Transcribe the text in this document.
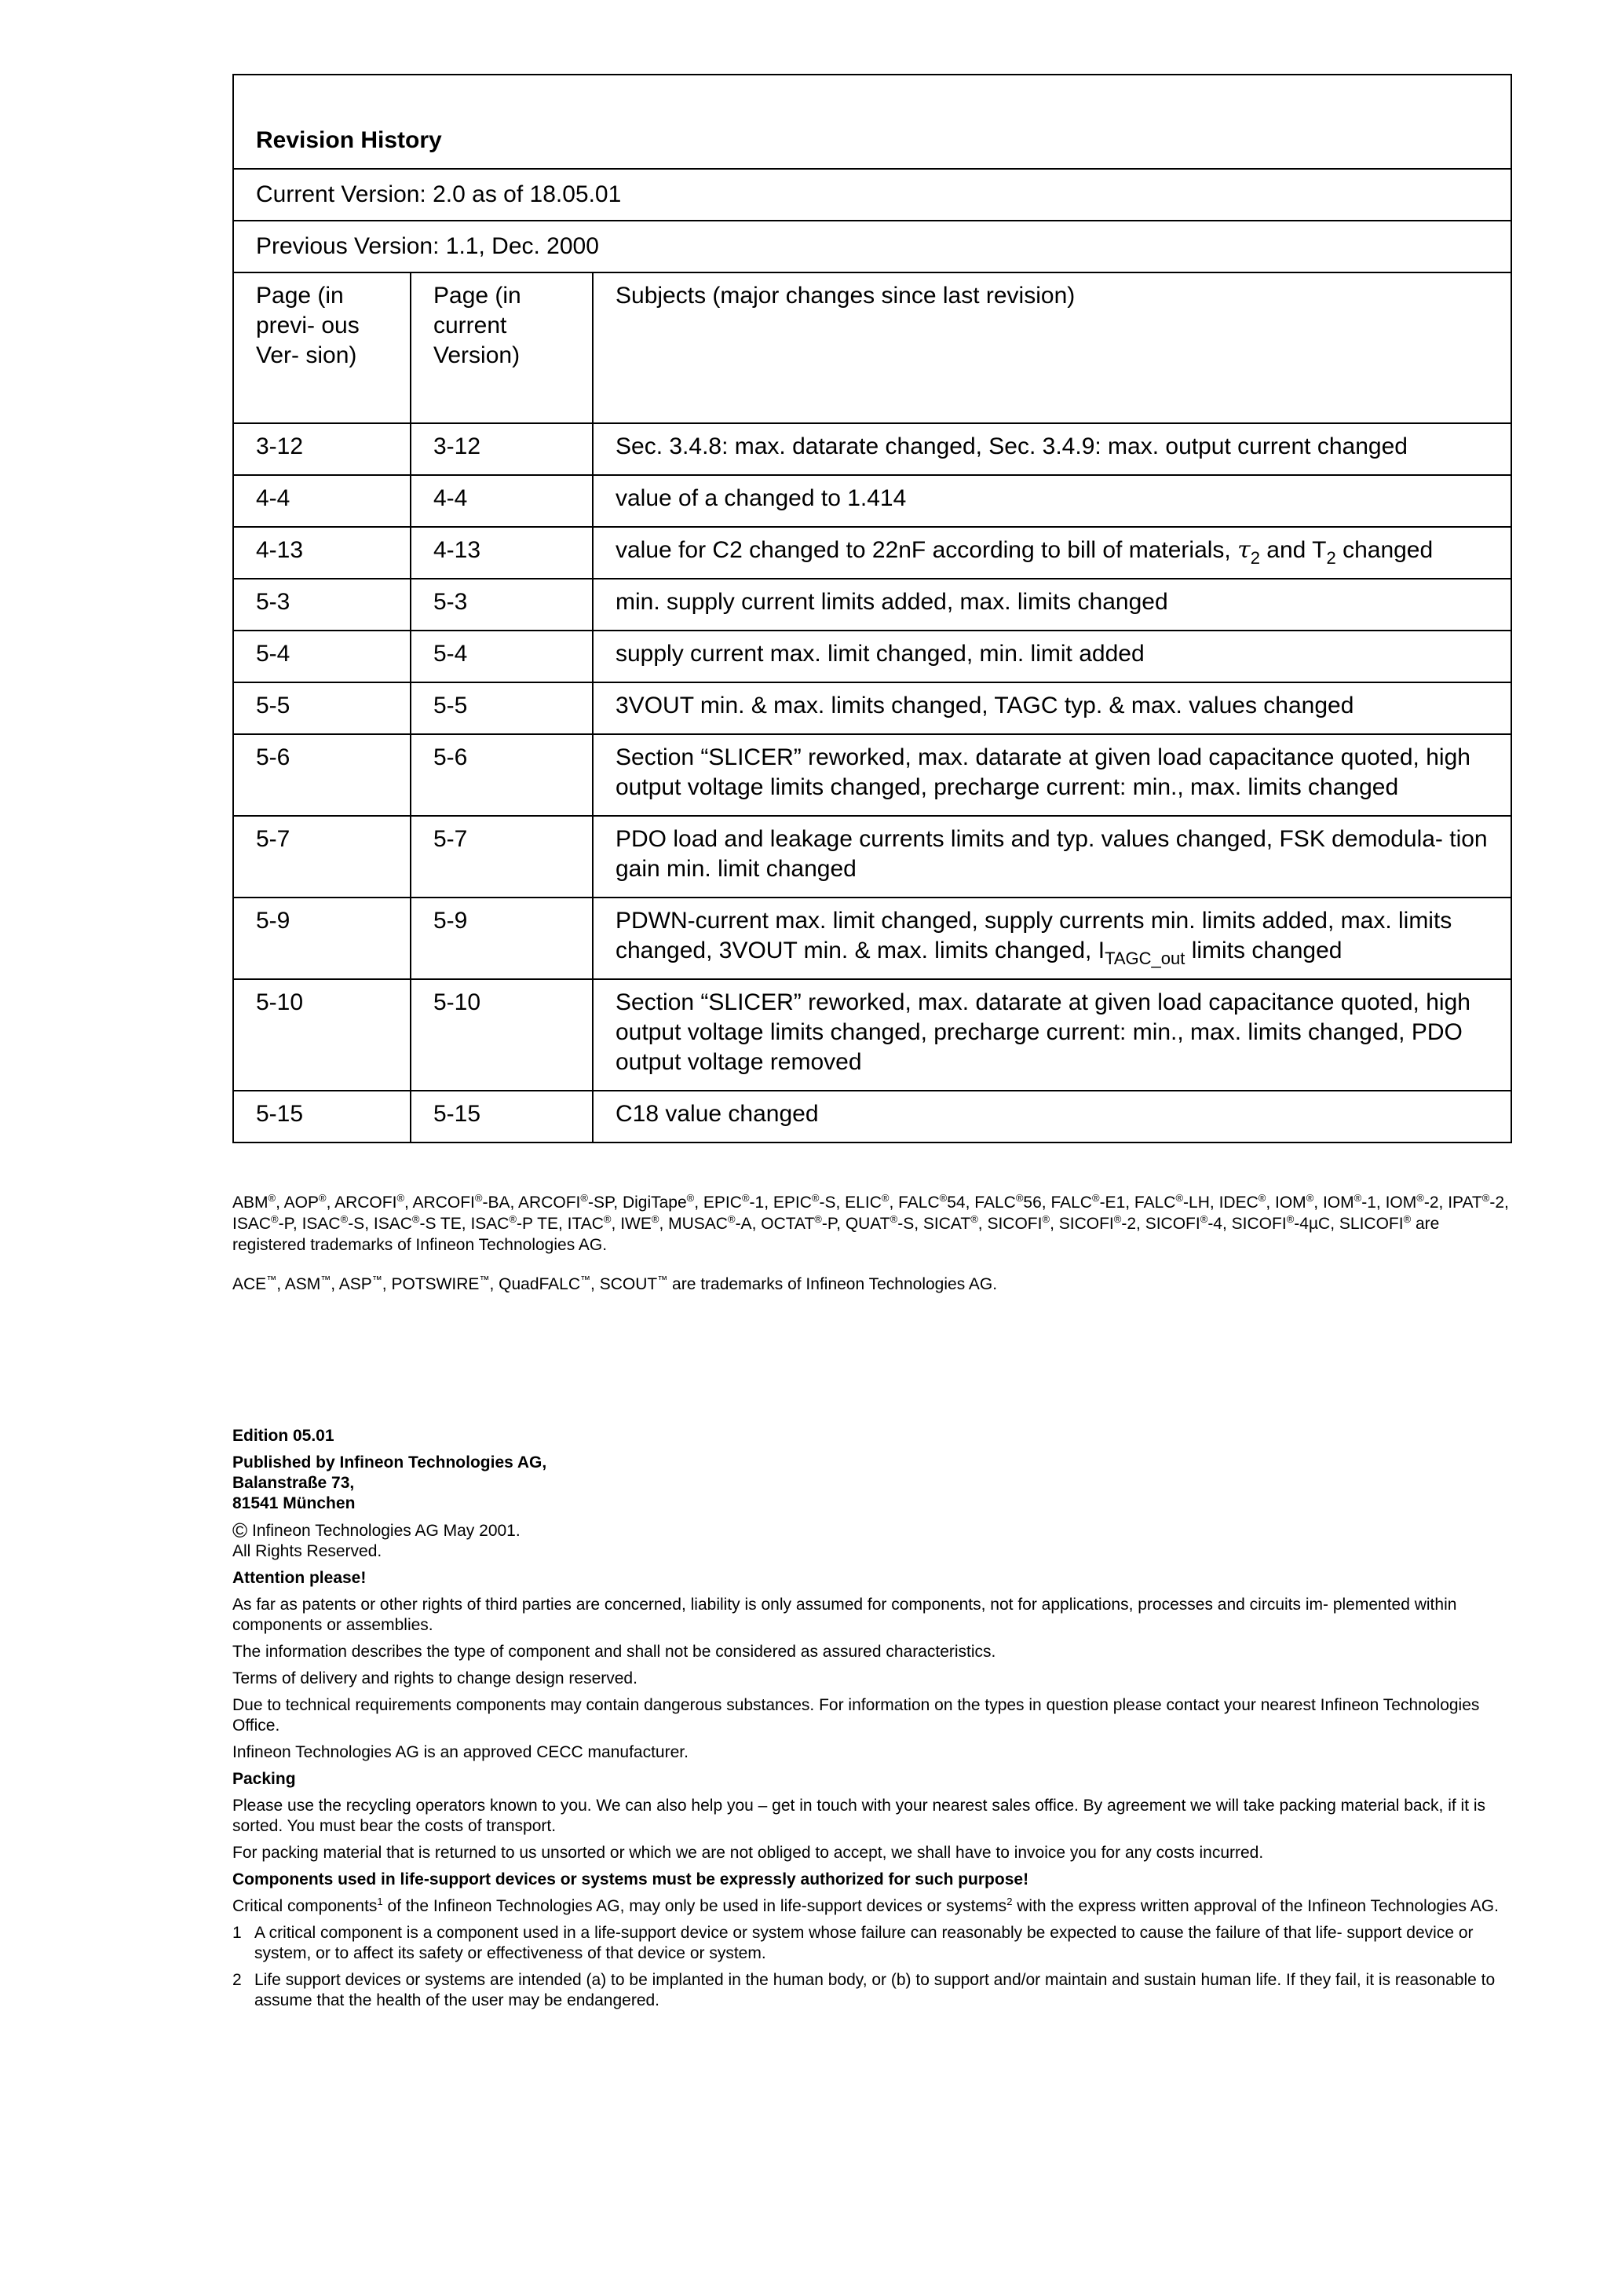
Revision History		
Current Version: 2.0 as of 18.05.01		
Previous Version: 1.1, Dec. 2000		
Page (in previ- ous Ver- sion)	Page (in current Version)	Subjects (major changes since last revision)
3-12	3-12	Sec. 3.4.8: max. datarate changed, Sec. 3.4.9: max. output current changed
4-4	4-4	value of a changed to 1.414
4-13	4-13	value for C2 changed to 22nF according to bill of materials, $\tau_2$ and $T_2$ changed
5-3	5-3	min. supply current limits added, max. limits changed
5-4	5-4	supply current max. limit changed, min. limit added
5-5	5-5	3VOUT min. & max. limits changed, TAGC typ. & max. values changed
5-6	5-6	Section “SLICER” reworked, max. datarate at given load capacitance quoted, high output voltage limits changed, precharge current: min., max. limits changed
5-7	5-7	PDO load and leakage currents limits and typ. values changed, FSK demodula- tion gain min. limit changed
5-9	5-9	PDWN-current max. limit changed, supply currents min. limits added, max. limits changed, 3VOUT min. & max. limits changed, $I_{TAGC\_out}$ limits changed
5-10	5-10	Section “SLICER” reworked, max. datarate at given load capacitance quoted, high output voltage limits changed, precharge current: min., max. limits changed, PDO output voltage removed
5-15	5-15	C18 value changed
ABM®, AOP®, ARCOFI®, ARCOFI®-BA, ARCOFI®-SP, DigiTape®, EPIC®-1, EPIC®-S, ELIC®, FALC®54, FALC®56, FALC®-E1, FALC®-LH, IDEC®, IOM®, IOM®-1, IOM®-2, IPAT®-2, ISAC®-P, ISAC®-S, ISAC®-S TE, ISAC®-P TE, ITAC®, IWE®, MUSAC®-A, OCTAT®-P, QUAT®-S, SICAT®, SICOFI®, SICOFI®-2, SICOFI®-4, SICOFI®-4µC, SLICOFI® are registered trademarks of Infineon Technologies AG.
ACE™, ASM™, ASP™, POTSWIRE™, QuadFALC™, SCOUT™ are trademarks of Infineon Technologies AG.

Edition 05.01

Published by Infineon Technologies AG,

Balanstraße 73,

81541 München

© Infineon Technologies AG May 2001.

All Rights Reserved.

Attention please!

As far as patents or other rights of third parties are concerned, liability is only assumed for components, not for applications, processes and circuits im- plemented within components or assemblies.

The information describes the type of component and shall not be considered as assured characteristics.

Terms of delivery and rights to change design reserved.

Due to technical requirements components may contain dangerous substances. For information on the types in question please contact your nearest Infineon Technologies Office.

Infineon Technologies AG is an approved CECC manufacturer.

Packing

Please use the recycling operators known to you. We can also help you – get in touch with your nearest sales office. By agreement we will take packing material back, if it is sorted. You must bear the costs of transport.

For packing material that is returned to us unsorted or which we are not obliged to accept, we shall have to invoice you for any costs incurred.

Components used in life-support devices or systems must be expressly authorized for such purpose!

Critical components$^1$ of the Infineon Technologies AG, may only be used in life-support devices or systems$^2$ with the express written approval of the Infineon Technologies AG.

1 A critical component is a component used in a life-support device or system whose failure can reasonably be expected to cause the failure of that life- support device or system, or to affect its safety or effectiveness of that device or system.
2 Life support devices or systems are intended (a) to be implanted in the human body, or (b) to support and/or maintain and sustain human life. If they fail, it is reasonable to assume that the health of the user may be endangered.
